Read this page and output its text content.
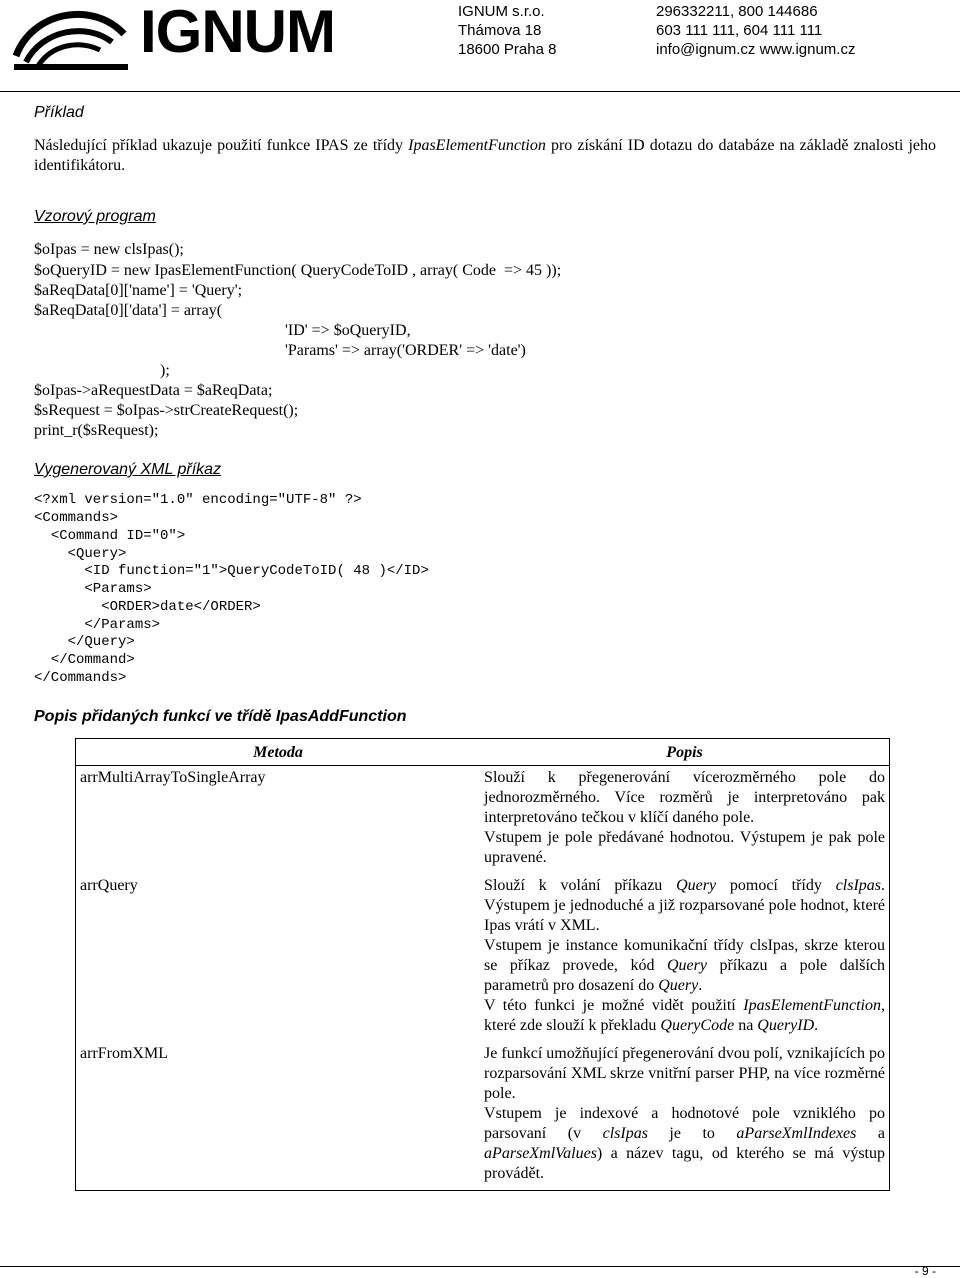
IGNUM	IGNUM s.r.o.
Thámova 18
18600 Praha 8
296332211, 800 144686
603 111 111, 604 111 111
info@ignum.cz www.ignum.cz
Příklad
Následující příklad ukazuje použití funkce IPAS ze třídy IpasElementFunction pro získání ID dotazu do databáze na základě znalosti jeho identifikátoru.
Vzorový program
$oIpas = new clsIpas();
$oQueryID = new IpasElementFunction( QueryCodeToID , array( Code  => 45 ));
$aReqData[0]['name'] = 'Query';
$aReqData[0]['data'] = array(
'ID' => $oQueryID,
'Params' => array('ORDER' => 'date')
);
$oIpas->aRequestData = $aReqData;
$sRequest = $oIpas->strCreateRequest();
print_r($sRequest);
Vygenerovaný XML příkaz
<?xml version="1.0" encoding="UTF-8" ?>
<Commands>
<Command ID="0">
<Query>
<ID function="1">QueryCodeToID( 48 )</ID>
<Params>
<ORDER>date</ORDER>
</Params>
</Query>
</Command>
</Commands>
Popis přidaných funkcí ve třídě IpasAddFunction
Metoda	Popis
arrMultiArrayToSingleArray	Slouží k přegenerování vícerozměrného pole do jednorozměrného. Více rozměrů je interpretováno pak interpretováno tečkou v klíčí daného pole.
Vstupem je pole předávané hodnotou. Výstupem je pak pole upravené.

arrQuery	Slouží k volání příkazu Query pomocí třídy clsIpas. Výstupem je jednoduché a již rozparsované pole hodnot, které Ipas vrátí v XML.
Vstupem je instance komunikační třídy clsIpas, skrze kterou se příkaz provede, kód Query příkazu a pole dalších parametrů pro dosazení do Query.
V této funkci je možné vidět použití IpasElementFunction, které zde slouží k překladu QueryCode na QueryID.

arrFromXML	Je funkcí umožňující přegenerování dvou polí, vznikajících po rozparsování XML skrze vnitřní parser PHP, na více rozměrné pole.
Vstupem je indexové a hodnotové pole vzniklého po parsovaní (v clsIpas je to aParseXmlIndexes a aParseXmlValues) a název tagu, od kterého se má výstup provádět.
- 9 -
